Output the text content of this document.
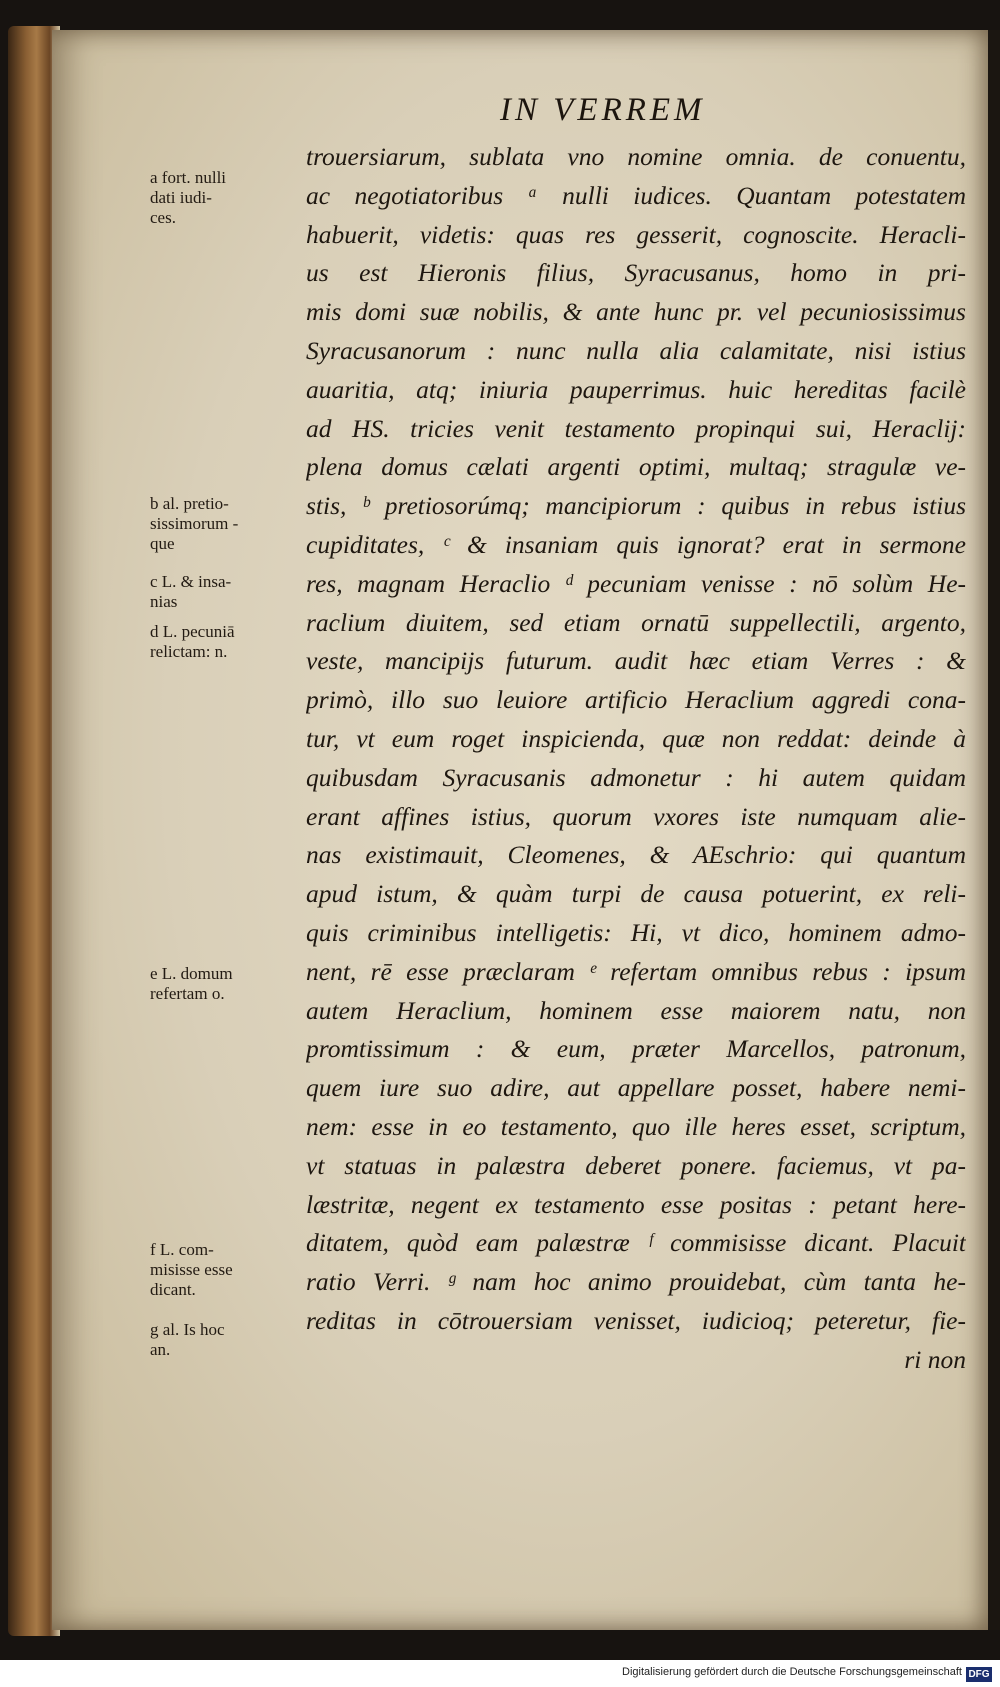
IN VERREM
trouersiarum, sublata vno nomine omnia. de conuentu,
ac negotiatoribus ᵃ nulli iudices. Quantam potestatem
habuerit, videtis: quas res gesserit, cognoscite. Heracli-
us est Hieronis filius, Syracusanus, homo in pri-
mis domi suæ nobilis, & ante hunc pr. vel pecuniosissimus
Syracusanorum : nunc nulla alia calamitate, nisi istius
auaritia, atq; iniuria pauperrimus. huic hereditas facilè
ad HS. tricies venit testamento propinqui sui, Heraclij:
plena domus cælati argenti optimi, multaq; stragulæ ve-
stis, ᵇ pretiosorúmq; mancipiorum : quibus in rebus istius
cupiditates, ᶜ & insaniam quis ignorat? erat in sermone
res, magnam Heraclio ᵈ pecuniam venisse : nō solùm He-
raclium diuitem, sed etiam ornatū suppellectili, argento,
veste, mancipijs futurum. audit hæc etiam Verres : &
primò, illo suo leuiore artificio Heraclium aggredi cona-
tur, vt eum roget inspicienda, quæ non reddat: deinde à
quibusdam Syracusanis admonetur : hi autem quidam
erant affines istius, quorum vxores iste numquam alie-
nas existimauit, Cleomenes, & AEschrio: qui quantum
apud istum, & quàm turpi de causa potuerint, ex reli-
quis criminibus intelligetis: Hi, vt dico, hominem admo-
nent, rē esse præclaram ᵉ refertam omnibus rebus : ipsum
autem Heraclium, hominem esse maiorem natu, non
promtissimum : & eum, præter Marcellos, patronum,
quem iure suo adire, aut appellare posset, habere nemi-
nem: esse in eo testamento, quo ille heres esset, scriptum,
vt statuas in palæstra deberet ponere. faciemus, vt pa-
læstritæ, negent ex testamento esse positas : petant here-
ditatem, quòd eam palæstræ ᶠ commisisse dicant. Placuit
ratio Verri. ᵍ nam hoc animo prouidebat, cùm tanta he-
reditas in cōtrouersiam venisset, iudicioq; peteretur, fie-
ri non
a fort. nulli
dati iudi-
ces.
b al. pretio-
sissimorum -
que
c L. & insa-
nias
d L. pecuniā
relictam: n.
e L. domum
refertam o.
f L. com-
misisse esse
dicant.
g al. Is hoc
an.
Digitalisierung gefördert durch die Deutsche Forschungsgemeinschaft DFG
